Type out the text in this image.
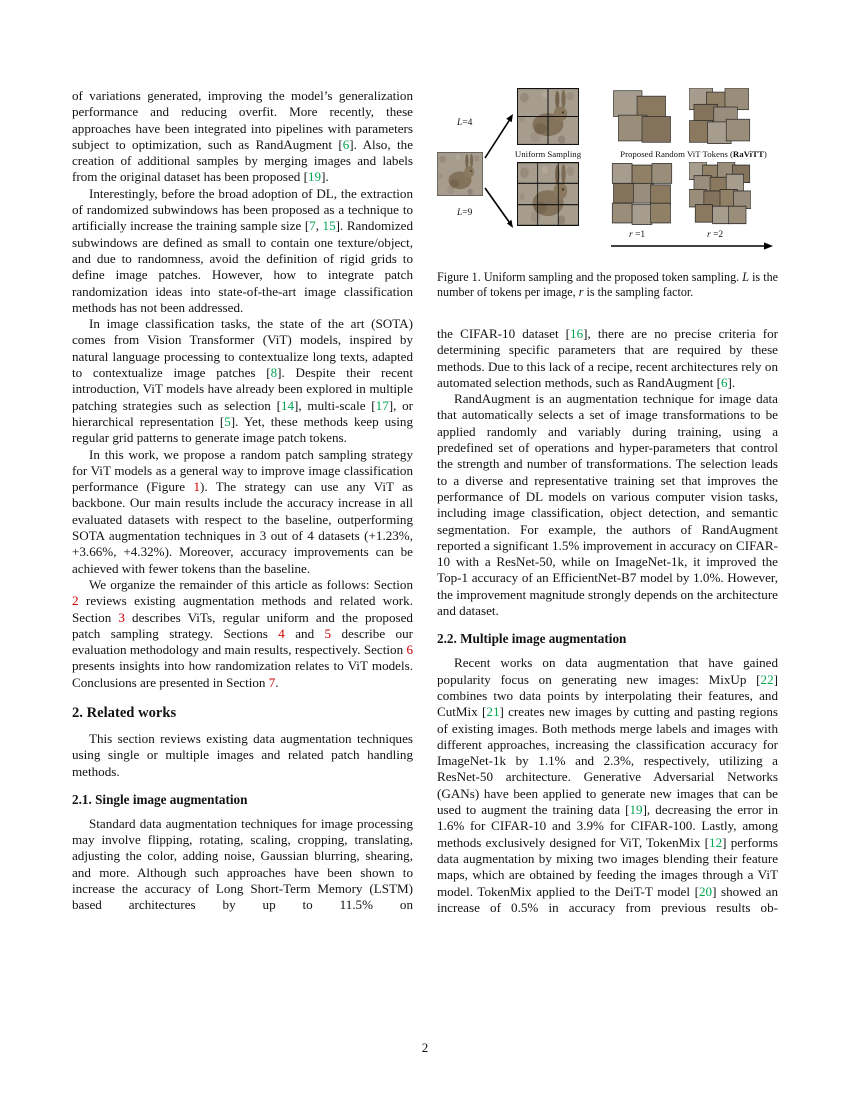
of variations generated, improving the model’s generalization performance and reducing overfit. More recently, these approaches have been integrated into pipelines with parameters subject to optimization, such as RandAugment [6]. Also, the creation of additional samples by merging images and labels from the original dataset has been proposed [19].

Interestingly, before the broad adoption of DL, the extraction of randomized subwindows has been proposed as a technique to artificially increase the training sample size [7, 15]. Randomized subwindows are defined as small to contain one texture/object, and due to randomness, avoid the definition of rigid grids to define image patches. However, how to integrate patch randomization ideas into state-of-the-art image classification methods has not been addressed.

In image classification tasks, the state of the art (SOTA) comes from Vision Transformer (ViT) models, inspired by natural language processing to contextualize long texts, adapted to contextualize image patches [8]. Despite their recent introduction, ViT models have already been explored in multiple patching strategies such as selection [14], multi-scale [17], or hierarchical representation [5]. Yet, these methods keep using regular grid patterns to generate image patch tokens.

In this work, we propose a random patch sampling strategy for ViT models as a general way to improve image classification performance (Figure 1). The strategy can use any ViT as backbone. Our main results include the accuracy increase in all evaluated datasets with respect to the baseline, outperforming SOTA augmentation techniques in 3 out of 4 datasets (+1.23%, +3.66%, +4.32%). Moreover, accuracy improvements can be achieved with fewer tokens than the baseline.

We organize the remainder of this article as follows: Section 2 reviews existing augmentation methods and related work. Section 3 describes ViTs, regular uniform and the proposed patch sampling strategy. Sections 4 and 5 describe our evaluation methodology and main results, respectively. Section 6 presents insights into how randomization relates to ViT models. Conclusions are presented in Section 7.

2. Related works

This section reviews existing data augmentation techniques using single or multiple images and related patch handling methods.

2.1. Single image augmentation

Standard data augmentation techniques for image processing may involve flipping, rotating, scaling, cropping, translating, adjusting the color, adding noise, Gaussian blurring, shearing, and more. Although such approaches have been shown to increase the accuracy of Long Short-Term Memory (LSTM) based architectures by up to 11.5% on

L=4
L=9
Uniform Sampling	Proposed Random ViT Tokens (RaViTT)
r =1	r =2
Figure 1. Uniform sampling and the proposed token sampling. L is the number of tokens per image, r is the sampling factor.

the CIFAR-10 dataset [16], there are no precise criteria for determining specific parameters that are required by these methods. Due to this lack of a recipe, recent architectures rely on automated selection methods, such as RandAugment [6].

RandAugment is an augmentation technique for image data that automatically selects a set of image transformations to be applied randomly and variably during training, using a predefined set of operations and hyper-parameters that control the strength and number of transformations. The selection leads to a diverse and representative training set that improves the performance of DL models on various computer vision tasks, including image classification, object detection, and semantic segmentation. For example, the authors of RandAugment reported a significant 1.5% improvement in accuracy on CIFAR-10 with a ResNet-50, while on ImageNet-1k, it improved the Top-1 accuracy of an EfficientNet-B7 model by 1.0%. However, the improvement magnitude strongly depends on the architecture and dataset.

2.2. Multiple image augmentation

Recent works on data augmentation that have gained popularity focus on generating new images: MixUp [22] combines two data points by interpolating their features, and CutMix [21] creates new images by cutting and pasting regions of existing images. Both methods merge labels and images with different approaches, increasing the classification accuracy for ImageNet-1k by 1.1% and 2.3%, respectively, utilizing a ResNet-50 architecture. Generative Adversarial Networks (GANs) have been applied to generate new images that can be used to augment the training data [19], decreasing the error in 1.6% for CIFAR-10 and 3.9% for CIFAR-100. Lastly, among methods exclusively designed for ViT, TokenMix [12] performs data augmentation by mixing two images blending their feature maps, which are obtained by feeding the images through a ViT model. TokenMix applied to the DeiT-T model [20] showed an increase of 0.5% in accuracy from previous results ob-

2
